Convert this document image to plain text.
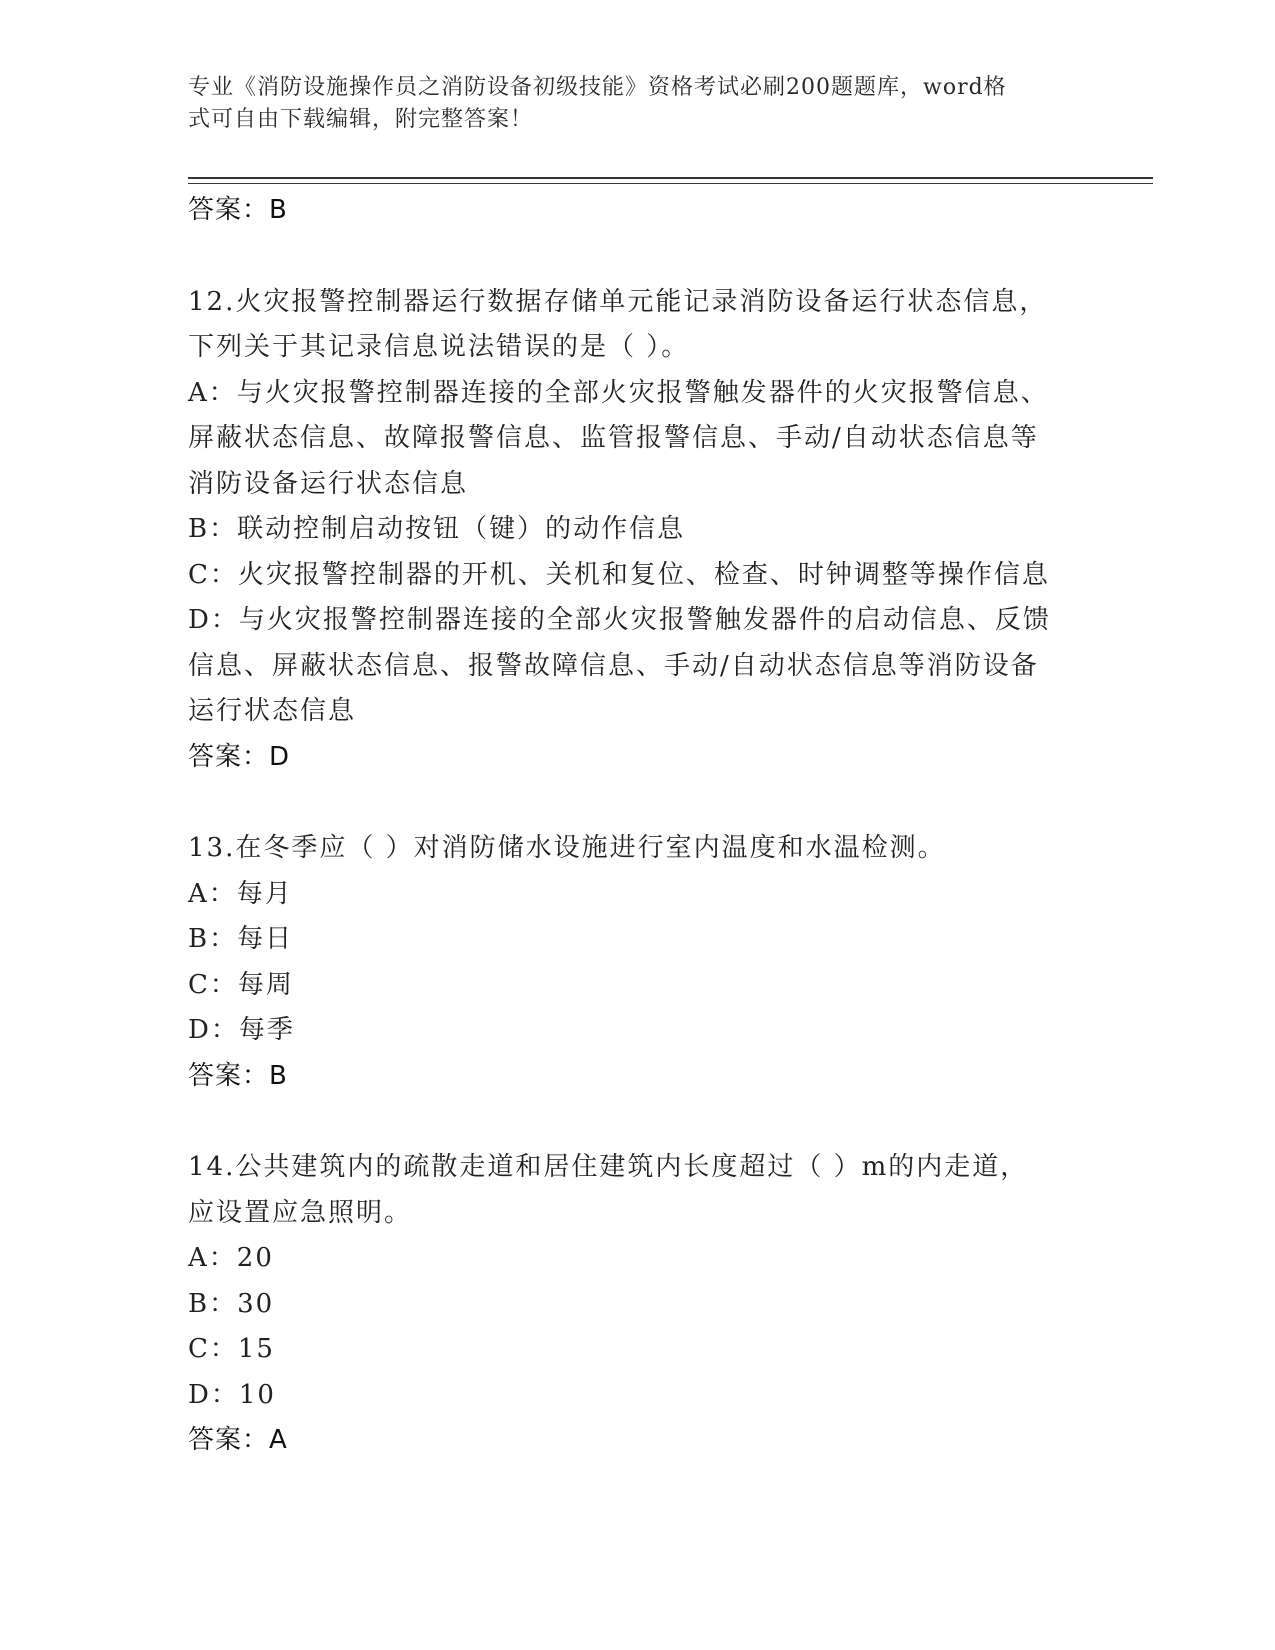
专业《消防设施操作员之消防设备初级技能》资格考试必刷200题题库，word格
式可自由下载编辑，附完整答案！
答案：B
12.火灾报警控制器运行数据存储单元能记录消防设备运行状态信息，
下列关于其记录信息说法错误的是（ ）。
A：与火灾报警控制器连接的全部火灾报警触发器件的火灾报警信息、
屏蔽状态信息、故障报警信息、监管报警信息、手动/自动状态信息等
消防设备运行状态信息
B：联动控制启动按钮（键）的动作信息
C：火灾报警控制器的开机、关机和复位、检查、时钟调整等操作信息
D：与火灾报警控制器连接的全部火灾报警触发器件的启动信息、反馈
信息、屏蔽状态信息、报警故障信息、手动/自动状态信息等消防设备
运行状态信息
答案：D
13.在冬季应（ ）对消防储水设施进行室内温度和水温检测。
A：每月
B：每日
C：每周
D：每季
答案：B
14.公共建筑内的疏散走道和居住建筑内长度超过（ ）m的内走道，
应设置应急照明。
A：20
B：30
C：15
D：10
答案：A
